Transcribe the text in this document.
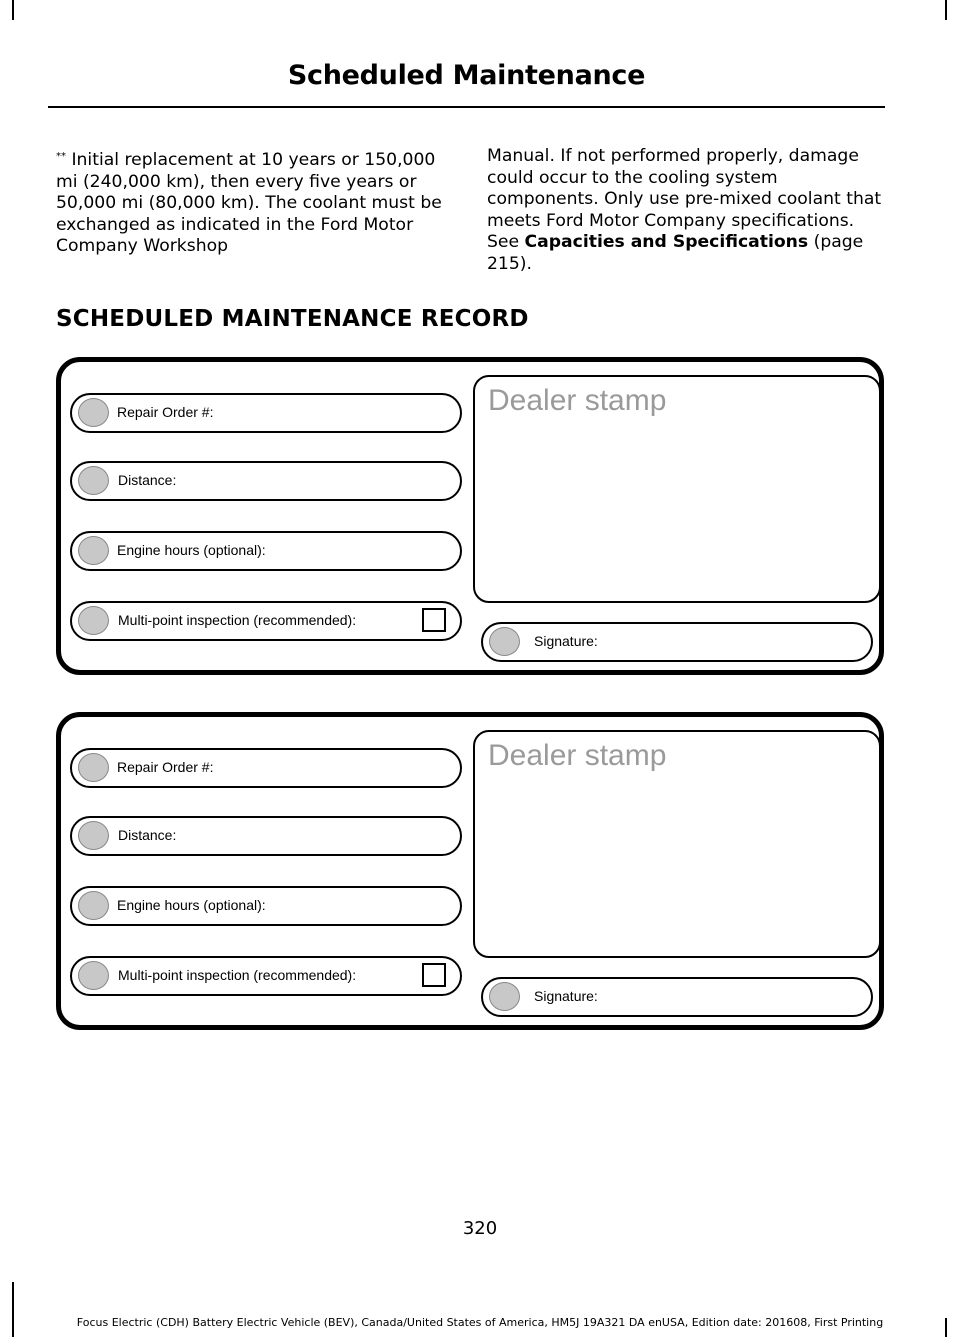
Scheduled Maintenance
** Initial replacement at 10 years or 150,000 mi (240,000 km), then every five years or 50,000 mi (80,000 km). The coolant must be exchanged as indicated in the Ford Motor Company Workshop
Manual. If not performed properly, damage could occur to the cooling system components. Only use pre-mixed coolant that meets Ford Motor Company specifications. See Capacities and Specifications (page 215).
SCHEDULED MAINTENANCE RECORD
Repair Order #:
Distance:
Engine hours (optional):
Multi-point inspection (recommended):
Dealer stamp
Signature:
Repair Order #:
Distance:
Engine hours (optional):
Multi-point inspection (recommended):
Dealer stamp
Signature:
320
Focus Electric (CDH) Battery Electric Vehicle (BEV), Canada/United States of America, HM5J 19A321 DA enUSA, Edition date: 201608, First Printing
